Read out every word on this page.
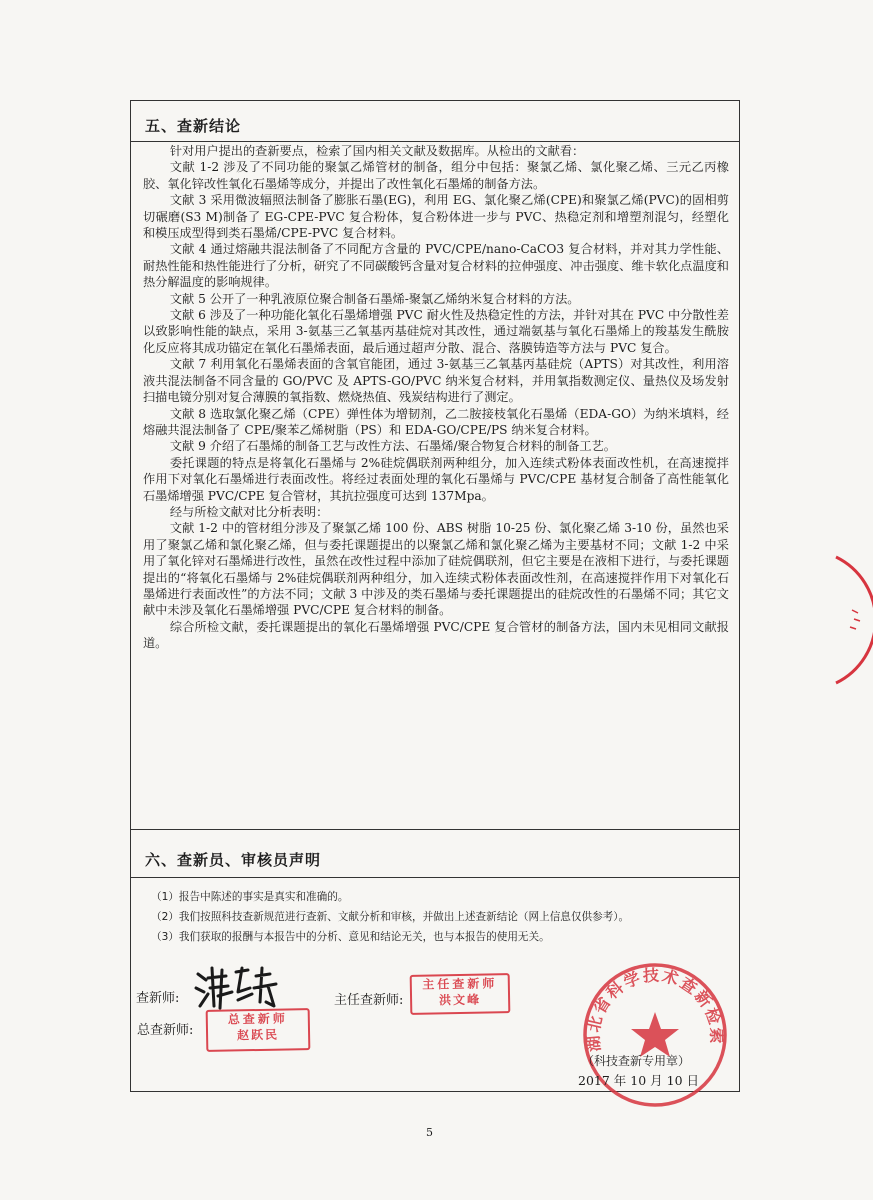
五、查新结论

针对用户提出的查新要点，检索了国内相关文献及数据库。从检出的文献看：

文献 1-2 涉及了不同功能的聚氯乙烯管材的制备，组分中包括：聚氯乙烯、氯化聚乙烯、三元乙丙橡胶、氧化锌改性氧化石墨烯等成分，并提出了改性氧化石墨烯的制备方法。

文献 3 采用微波辐照法制备了膨胀石墨(EG)，利用 EG、氯化聚乙烯(CPE)和聚氯乙烯(PVC)的固相剪切碾磨(S3 M)制备了 EG-CPE-PVC 复合粉体，复合粉体进一步与 PVC、热稳定剂和增塑剂混匀，经塑化和模压成型得到类石墨烯/CPE-PVC 复合材料。

文献 4 通过熔融共混法制备了不同配方含量的 PVC/CPE/nano-CaCO3 复合材料，并对其力学性能、耐热性能和热性能进行了分析，研究了不同碳酸钙含量对复合材料的拉伸强度、冲击强度、维卡软化点温度和热分解温度的影响规律。

文献 5 公开了一种乳液原位聚合制备石墨烯-聚氯乙烯纳米复合材料的方法。

文献 6 涉及了一种功能化氧化石墨烯增强 PVC 耐火性及热稳定性的方法，并针对其在 PVC 中分散性差以致影响性能的缺点，采用 3-氨基三乙氧基丙基硅烷对其改性，通过端氨基与氧化石墨烯上的羧基发生酰胺化反应将其成功锚定在氧化石墨烯表面，最后通过超声分散、混合、落膜铸造等方法与 PVC 复合。

文献 7 利用氧化石墨烯表面的含氧官能团，通过 3-氨基三乙氧基丙基硅烷（APTS）对其改性，利用溶液共混法制备不同含量的 GO/PVC 及 APTS-GO/PVC 纳米复合材料，并用氧指数测定仪、量热仪及场发射扫描电镜分别对复合薄膜的氧指数、燃烧热值、残炭结构进行了测定。

文献 8 选取氯化聚乙烯（CPE）弹性体为增韧剂，乙二胺接枝氧化石墨烯（EDA-GO）为纳米填料，经熔融共混法制备了 CPE/聚苯乙烯树脂（PS）和 EDA-GO/CPE/PS 纳米复合材料。

文献 9 介绍了石墨烯的制备工艺与改性方法、石墨烯/聚合物复合材料的制备工艺。

委托课题的特点是将氧化石墨烯与 2%硅烷偶联剂两种组分，加入连续式粉体表面改性机，在高速搅拌作用下对氧化石墨烯进行表面改性。将经过表面处理的氧化石墨烯与 PVC/CPE 基材复合制备了高性能氧化石墨烯增强 PVC/CPE 复合管材，其抗拉强度可达到 137Mpa。

经与所检文献对比分析表明：

文献 1-2 中的管材组分涉及了聚氯乙烯 100 份、ABS 树脂 10-25 份、氯化聚乙烯 3-10 份，虽然也采用了聚氯乙烯和氯化聚乙烯，但与委托课题提出的以聚氯乙烯和氯化聚乙烯为主要基材不同；文献 1-2 中采用了氧化锌对石墨烯进行改性，虽然在改性过程中添加了硅烷偶联剂，但它主要是在液相下进行，与委托课题提出的“将氧化石墨烯与 2%硅烷偶联剂两种组分，加入连续式粉体表面改性剂，在高速搅拌作用下对氧化石墨烯进行表面改性”的方法不同；文献 3 中涉及的类石墨烯与委托课题提出的硅烷改性的石墨烯不同；其它文献中未涉及氧化石墨烯增强 PVC/CPE 复合材料的制备。

综合所检文献，委托课题提出的氧化石墨烯增强 PVC/CPE 复合管材的制备方法，国内未见相同文献报道。

六、查新员、审核员声明
（1）报告中陈述的事实是真实和准确的。
（2）我们按照科技查新规范进行查新、文献分析和审核，并做出上述查新结论（网上信息仅供参考）。
（3）我们获取的报酬与本报告中的分析、意见和结论无关，也与本报告的使用无关。
查新师:	主任查新师:
主任查新师
洪文峰
总查新师:
总查新师
赵跃民	湖北省科学技术查新检索
（科技查新专用章）
2017 年 10 月 10 日
5
